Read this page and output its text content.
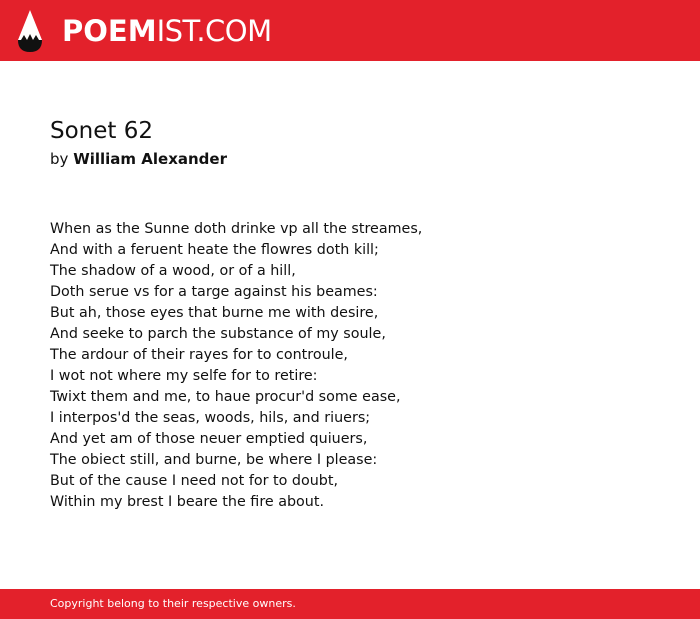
POEMIST.COM
Sonet 62
by William Alexander
When as the Sunne doth drinke vp all the streames,
And with a feruent heate the flowres doth kill;
The shadow of a wood, or of a hill,
Doth serue vs for a targe against his beames:
But ah, those eyes that burne me with desire,
And seeke to parch the substance of my soule,
The ardour of their rayes for to controule,
I wot not where my selfe for to retire:
Twixt them and me, to haue procur'd some ease,
I interpos'd the seas, woods, hils, and riuers;
And yet am of those neuer emptied quiuers,
The obiect still, and burne, be where I please:
But of the cause I need not for to doubt,
Within my brest I beare the fire about.
Copyright belong to their respective owners.
